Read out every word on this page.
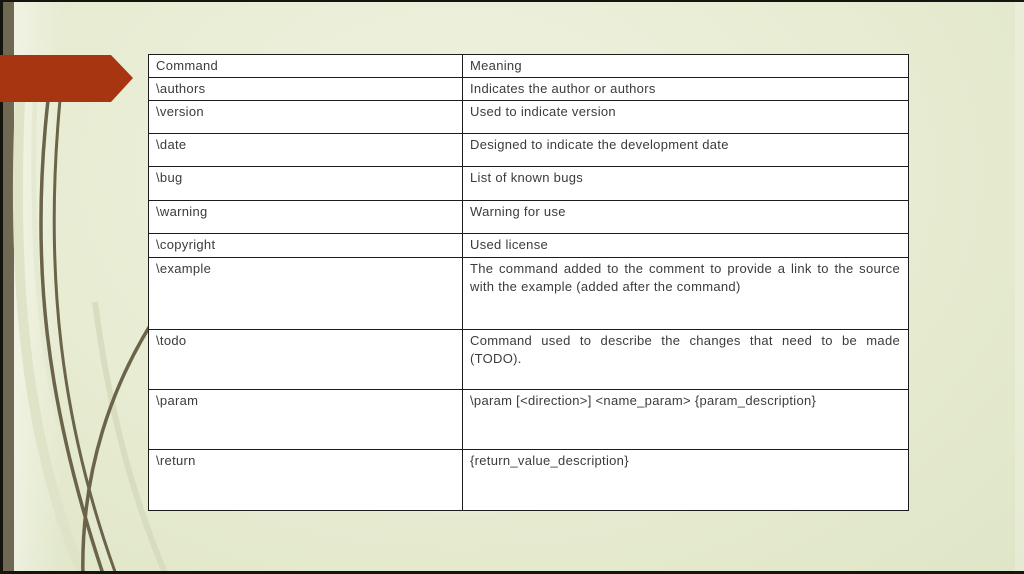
Command	Meaning
\authors	Indicates the author or authors
\version	Used to indicate version
\date	Designed to indicate the development date
\bug	List of known bugs
\warning	Warning for use
\copyright	Used license
\example	The command added to the comment to provide a link to the source with the example (added after the command)
\todo	Command used to describe the changes that need to be made (TODO).
\param	\param [<direction>] <name_param> {param_description}
\return	{return_value_description}
